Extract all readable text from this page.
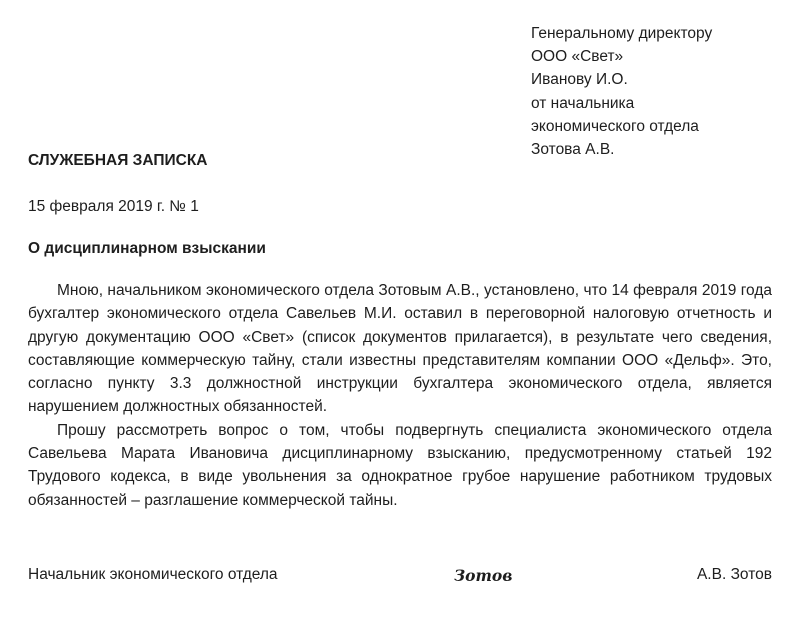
Генеральному директору
ООО «Свет»
Иванову И.О.
от начальника
экономического отдела
Зотова А.В.
СЛУЖЕБНАЯ ЗАПИСКА
15 февраля 2019 г. № 1
О дисциплинарном взыскании

Мною, начальником экономического отдела Зотовым А.В., установлено, что 14 февраля 2019 года бухгалтер экономического отдела Савельев М.И. оставил в переговорной налоговую отчетность и другую документацию ООО «Свет» (список документов прилагается), в результате чего сведения, составляющие коммерческую тайну, стали известны представителям компании ООО «Дельф». Это, согласно пункту 3.3 должностной инструкции бухгалтера экономического отдела, является нарушением должностных обязанностей.

Прошу рассмотреть вопрос о том, чтобы подвергнуть специалиста экономического отдела Савельева Марата Ивановича дисциплинарному взысканию, предусмотренному статьей 192 Трудового кодекса, в виде увольнения за однократное грубое нарушение работником трудовых обязанностей – разглашение коммерческой тайны.

Начальник экономического отдела	Зотов	А.В. Зотов
